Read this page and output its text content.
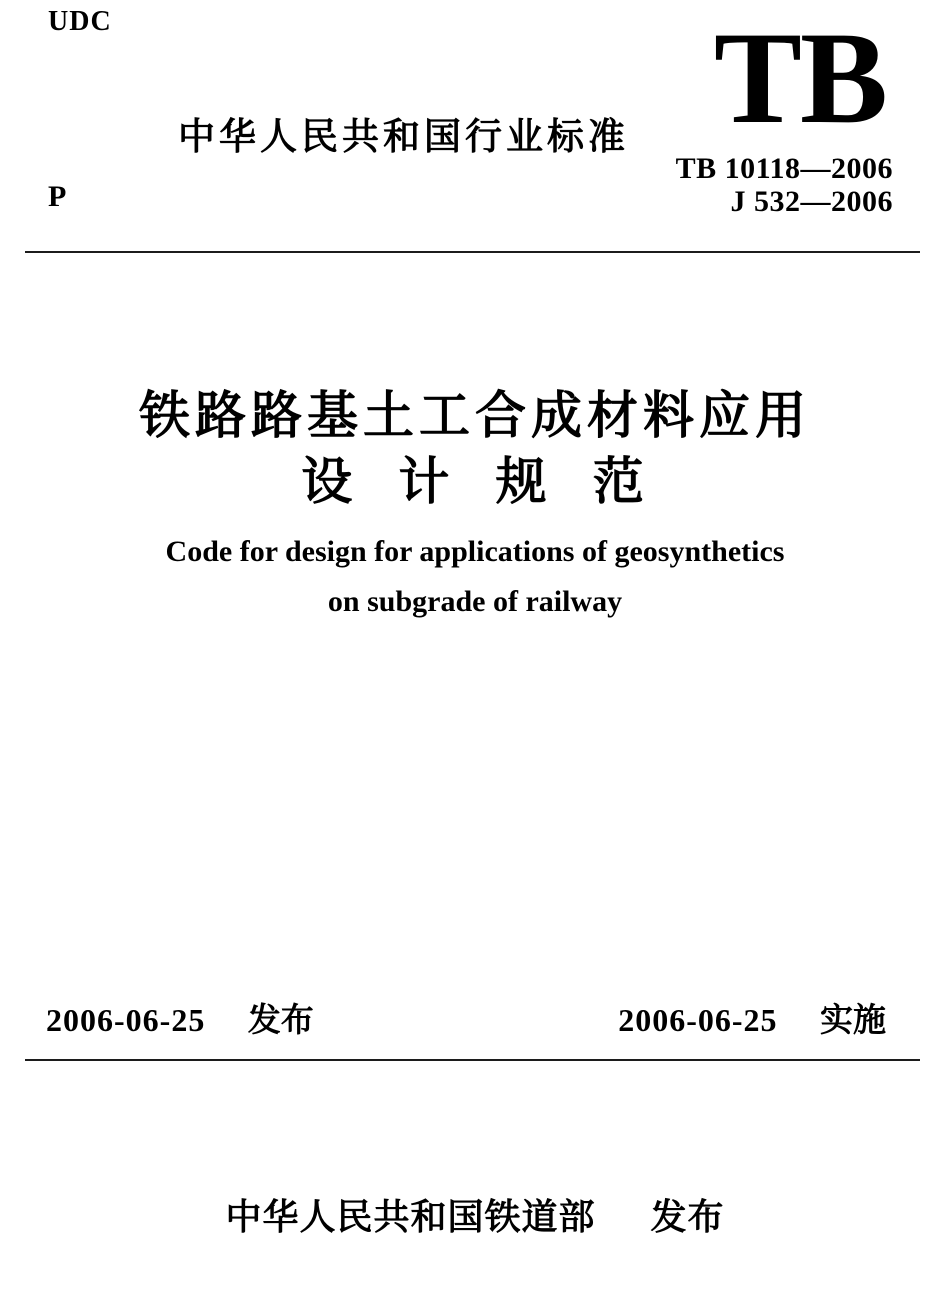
UDC
中华人民共和国行业标准
P
TB
TB 10118—2006
J 532—2006
铁路路基土工合成材料应用
设 计 规 范
Code for design for applications of geosynthetics
on subgrade of railway
2006-06-25 发布	2006-06-25 实施
中华人民共和国铁道部 发布
